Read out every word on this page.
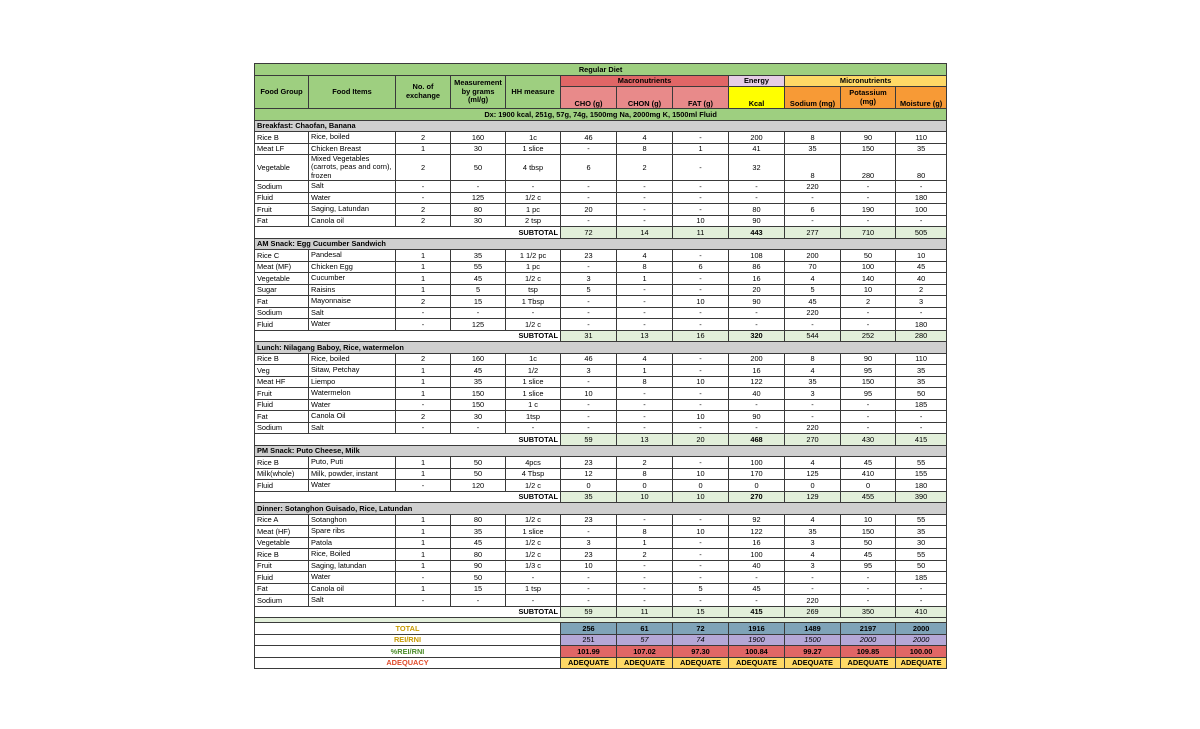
Regular Diet											
Food Group	Food Items	No. of exchange	Measurement by grams (ml/g)	HH measure	Macronutrients			Energy	Micronutrients		
					CHO (g)	CHON (g)	FAT (g)	Kcal	Sodium (mg)	Potassium (mg)	Moisture (g)
Dx: 1900 kcal, 251g, 57g, 74g, 1500mg Na, 2000mg K, 1500ml Fluid											
Breakfast: Chaofan, Banana											
Rice B	Rice, boiled	2	160	1c	46	4	-	200	8	90	110
Meat LF	Chicken Breast	1	30	1 slice	-	8	1	41	35	150	35
Vegetable	Mixed Vegetables (carrots, peas and corn), frozen	2	50	4 tbsp	6	2	-	32	8	280	80
Sodium	Salt	-	-	-	-	-	-	-	220	-	-
Fluid	Water	-	125	1/2 c	-	-	-	-	-	-	180
Fruit	Saging, Latundan	2	80	1 pc	20	-	-	80	6	190	100
Fat	Canola oil	2	30	2 tsp	-	-	10	90	-	-	-
SUBTOTAL					72	14	11	443	277	710	505
AM Snack: Egg Cucumber Sandwich											
Rice C	Pandesal	1	35	1 1/2 pc	23	4	-	108	200	50	10
Meat (MF)	Chicken Egg	1	55	1 pc	-	8	6	86	70	100	45
Vegetable	Cucumber	1	45	1/2 c	3	1	-	16	4	140	40
Sugar	Raisins	1	5	tsp	5	-	-	20	5	10	2
Fat	Mayonnaise	2	15	1 Tbsp	-	-	10	90	45	2	3
Sodium	Salt	-	-	-	-	-	-	-	220	-	-
Fluid	Water	-	125	1/2 c	-	-	-	-	-	-	180
SUBTOTAL					31	13	16	320	544	252	280
Lunch: Nilagang Baboy, Rice, watermelon											
Rice B	Rice, boiled	2	160	1c	46	4	-	200	8	90	110
Veg	Sitaw, Petchay	1	45	1/2	3	1	-	16	4	95	35
Meat HF	Liempo	1	35	1 slice	-	8	10	122	35	150	35
Fruit	Watermelon	1	150	1 slice	10	-	-	40	3	95	50
Fluid	Water	-	150	1 c	-	-	-	-	-	-	185
Fat	Canola Oil	2	30	1tsp	-	-	10	90	-	-	-
Sodium	Salt	-	-	-	-	-	-	-	220	-	-
SUBTOTAL					59	13	20	468	270	430	415
PM Snack: Puto Cheese, Milk											
Rice B	Puto, Puti	1	50	4pcs	23	2	-	100	4	45	55
Milk(whole)	Milk, powder, instant	1	50	4 Tbsp	12	8	10	170	125	410	155
Fluid	Water	-	120	1/2 c	0	0	0	0	0	0	180
SUBTOTAL					35	10	10	270	129	455	390
Dinner: Sotanghon Guisado, Rice, Latundan											
Rice A	Sotanghon	1	80	1/2 c	23	-	-	92	4	10	55
Meat (HF)	Spare ribs	1	35	1 slice	-	8	10	122	35	150	35
Vegetable	Patola	1	45	1/2 c	3	1	-	16	3	50	30
Rice B	Rice, Boiled	1	80	1/2 c	23	2	-	100	4	45	55
Fruit	Saging, latundan	1	90	1/3 c	10	-	-	40	3	95	50
Fluid	Water	-	50	-	-	-	-	-	-	-	185
Fat	Canola oil	1	15	1 tsp	-	-	5	45	-	-	-
Sodium	Salt	-	-	-	-	-	-	-	220	-	-
SUBTOTAL					59	11	15	415	269	350	410

TOTAL					256	61	72	1916	1489	2197	2000
REI/RNI					251	57	74	1900	1500	2000	2000
%REI/RNI					101.99	107.02	97.30	100.84	99.27	109.85	100.00
ADEQUACY					ADEQUATE	ADEQUATE	ADEQUATE	ADEQUATE	ADEQUATE	ADEQUATE	ADEQUATE
